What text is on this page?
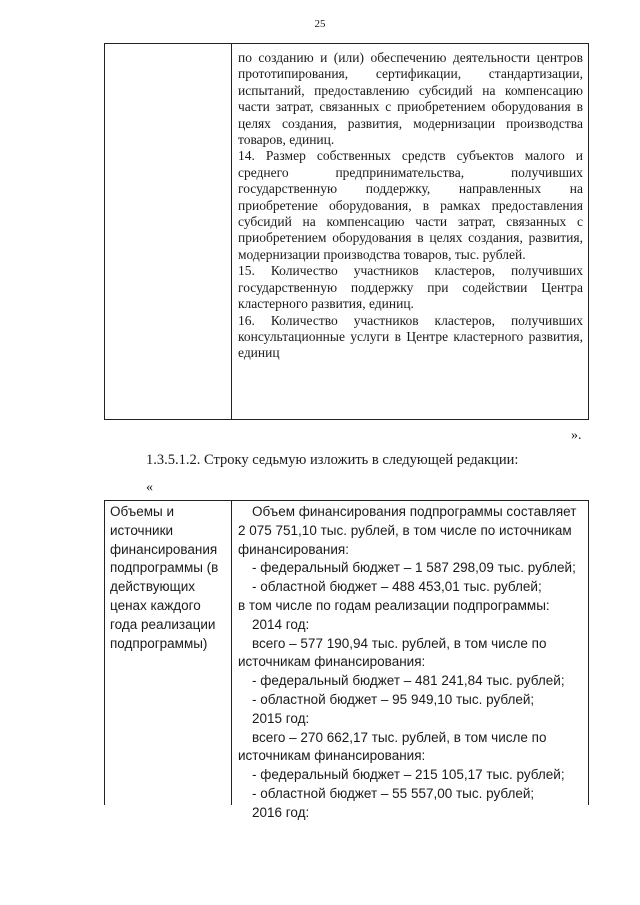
25

по созданию и (или) обеспечению деятельности центров прототипирования, сертификации, стандартизации, испытаний, предоставлению субсидий на компенсацию части затрат, связанных с приобретением оборудования в целях создания, развития, модернизации производства товаров, единиц.

14. Размер собственных средств субъектов малого и среднего предпринимательства, получивших государственную поддержку, направленных на приобретение оборудования, в рамках предоставления субсидий на компенсацию части затрат, связанных с приобретением оборудования в целях создания, развития, модернизации производства товаров, тыс. рублей.

15. Количество участников кластеров, получивших государственную поддержку при содействии Центра кластерного развития, единиц.

16. Количество участников кластеров, получивших консультационные услуги в Центре кластерного развития, единиц

».
1.3.5.1.2. Строку седьмую изложить в следующей редакции:
«
Объемы и источники финансирования подпрограммы (в действующих ценах каждого года реализации подпрограммы)

Объем финансирования подпрограммы составляет

2 075 751,10 тыс. рублей, в том числе по источникам

финансирования:

- федеральный бюджет – 1 587 298,09 тыс. рублей;

- областной бюджет – 488 453,01 тыс. рублей;

в том числе по годам реализации подпрограммы:

2014 год:

всего – 577 190,94 тыс. рублей, в том числе по

источникам финансирования:

- федеральный бюджет – 481 241,84 тыс. рублей;

- областной бюджет – 95 949,10 тыс. рублей;

2015 год:

всего – 270 662,17 тыс. рублей, в том числе по

источникам финансирования:

- федеральный бюджет – 215 105,17 тыс. рублей;

- областной бюджет – 55 557,00 тыс. рублей;

2016 год:
